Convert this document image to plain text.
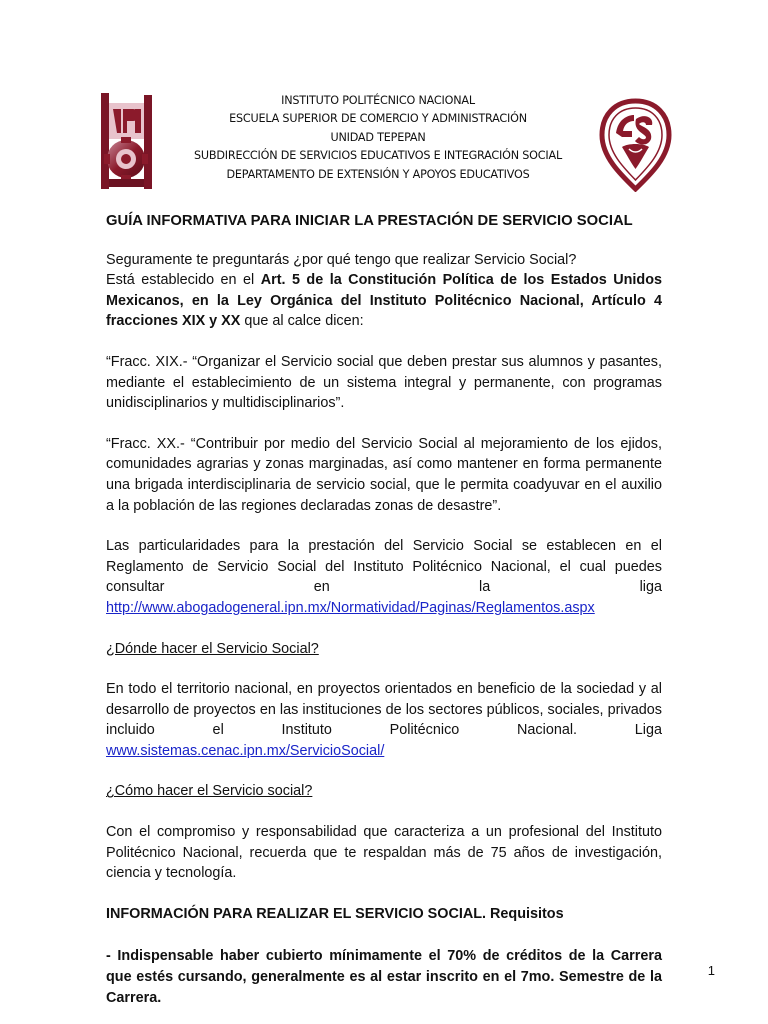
INSTITUTO POLITÉCNICO NACIONAL
ESCUELA SUPERIOR DE COMERCIO Y ADMINISTRACIÓN
UNIDAD TEPEPAN
SUBDIRECCIÓN DE SERVICIOS EDUCATIVOS E INTEGRACIÓN SOCIAL
DEPARTAMENTO DE EXTENSIÓN Y APOYOS EDUCATIVOS

GUÍA INFORMATIVA PARA INICIAR LA PRESTACIÓN DE SERVICIO SOCIAL

Seguramente te preguntarás ¿por qué tengo que realizar Servicio Social?

Está establecido en el Art. 5 de la Constitución Política de los Estados Unidos Mexicanos, en la Ley Orgánica del Instituto Politécnico Nacional, Artículo 4 fracciones XIX y XX que al calce dicen:

“Fracc. XIX.- “Organizar el Servicio social que deben prestar sus alumnos y pasantes, mediante el establecimiento de un sistema integral y permanente, con programas unidisciplinarios y multidisciplinarios”.

“Fracc. XX.- “Contribuir por medio del Servicio Social al mejoramiento de los ejidos, comunidades agrarias y zonas marginadas, así como mantener en forma permanente una brigada interdisciplinaria de servicio social, que le permita coadyuvar en el auxilio a la población de las regiones declaradas zonas de desastre”.

Las particularidades para la prestación del Servicio Social se establecen en el Reglamento de Servicio Social del Instituto Politécnico Nacional, el cual puedes consultar en la liga http://www.abogadogeneral.ipn.mx/Normatividad/Paginas/Reglamentos.aspx

¿Dónde hacer el Servicio Social?

En todo el territorio nacional, en proyectos orientados en beneficio de la sociedad y al desarrollo de proyectos en las instituciones de los sectores públicos, sociales, privados incluido el Instituto Politécnico Nacional. Liga www.sistemas.cenac.ipn.mx/ServicioSocial/

¿Cómo hacer el Servicio social?

Con el compromiso y responsabilidad que caracteriza a un profesional del Instituto Politécnico Nacional, recuerda que te respaldan más de 75 años de investigación, ciencia y tecnología.

INFORMACIÓN PARA REALIZAR EL SERVICIO SOCIAL. Requisitos

- Indispensable haber cubierto mínimamente el 70% de créditos de la Carrera que estés cursando, generalmente es al estar inscrito en el 7mo. Semestre de la Carrera.

1
